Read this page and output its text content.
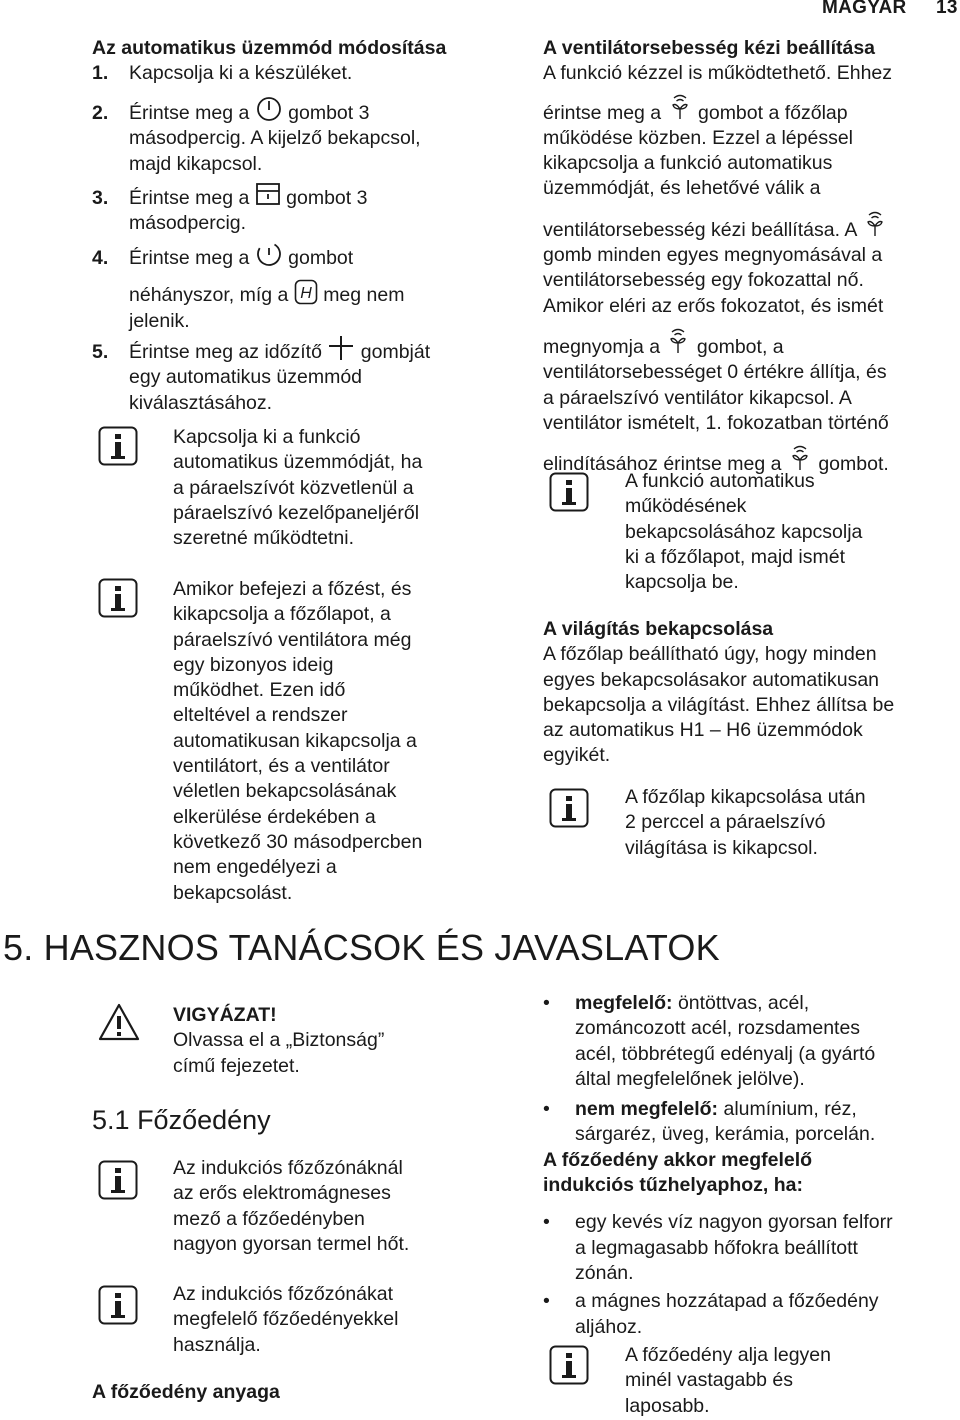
MAGYAR 13
Az automatikus üzemmód módosítása
1. Kapcsolja ki a készüléket.
2. Érintse meg a gombot 3
másodpercig. A kijelző bekapcsol,
majd kikapcsol.
3. Érintse meg a gombot 3
másodpercig.
4. Érintse meg a gombot
néhányszor, míg a H meg nem
jelenik.
5. Érintse meg az időzítő gombját
egy automatikus üzemmód
kiválasztásához.
Kapcsolja ki a funkció
automatikus üzemmódját, ha
a páraelszívót közvetlenül a
páraelszívó kezelőpaneljéről
szeretné működtetni.
Amikor befejezi a főzést, és
kikapcsolja a főzőlapot, a
páraelszívó ventilátora még
egy bizonyos ideig
működhet. Ezen idő
elteltével a rendszer
automatikusan kikapcsolja a
ventilátort, és a ventilátor
véletlen bekapcsolásának
elkerülése érdekében a
következő 30 másodpercben
nem engedélyezi a
bekapcsolást.
A ventilátorsebesség kézi beállítása
A funkció kézzel is működtethető. Ehhez
érintse meg a gombot a főzőlap
működése közben. Ezzel a lépéssel
kikapcsolja a funkció automatikus
üzemmódját, és lehetővé válik a
ventilátorsebesség kézi beállítása. A
gomb minden egyes megnyomásával a
ventilátorsebesség egy fokozattal nő.
Amikor eléri az erős fokozatot, és ismét
megnyomja a gombot, a
ventilátorsebességet 0 értékre állítja, és
a páraelszívó ventilátor kikapcsol. A
ventilátor ismételt, 1. fokozatban történő
elindításához érintse meg a gombot.
A funkció automatikus
működésének
bekapcsolásához kapcsolja
ki a főzőlapot, majd ismét
kapcsolja be.
A világítás bekapcsolása
A főzőlap beállítható úgy, hogy minden
egyes bekapcsolásakor automatikusan
bekapcsolja a világítást. Ehhez állítsa be
az automatikus H1 – H6 üzemmódok
egyikét.
A főzőlap kikapcsolása után
2 perccel a páraelszívó
világítása is kikapcsol.
5. HASZNOS TANÁCSOK ÉS JAVASLATOK
VIGYÁZAT!
Olvassa el a „Biztonság”
című fejezetet.
5.1 Főzőedény
Az indukciós főzőzónáknál
az erős elektromágneses
mező a főzőedényben
nagyon gyorsan termel hőt.
Az indukciós főzőzónákat
megfelelő főzőedényekkel
használja.
A főzőedény anyaga
• megfelelő: öntöttvas, acél,
zománcozott acél, rozsdamentes
acél, többrétegű edényalj (a gyártó
által megfelelőnek jelölve).
• nem megfelelő: alumínium, réz,
sárgaréz, üveg, kerámia, porcelán.
A főzőedény akkor megfelelő
indukciós tűzhelyaphoz, ha:
• egy kevés víz nagyon gyorsan felforr
a legmagasabb hőfokra beállított
zónán.
• a mágnes hozzátapad a főzőedény
aljához.
A főzőedény alja legyen
minél vastagabb és
laposabb.
